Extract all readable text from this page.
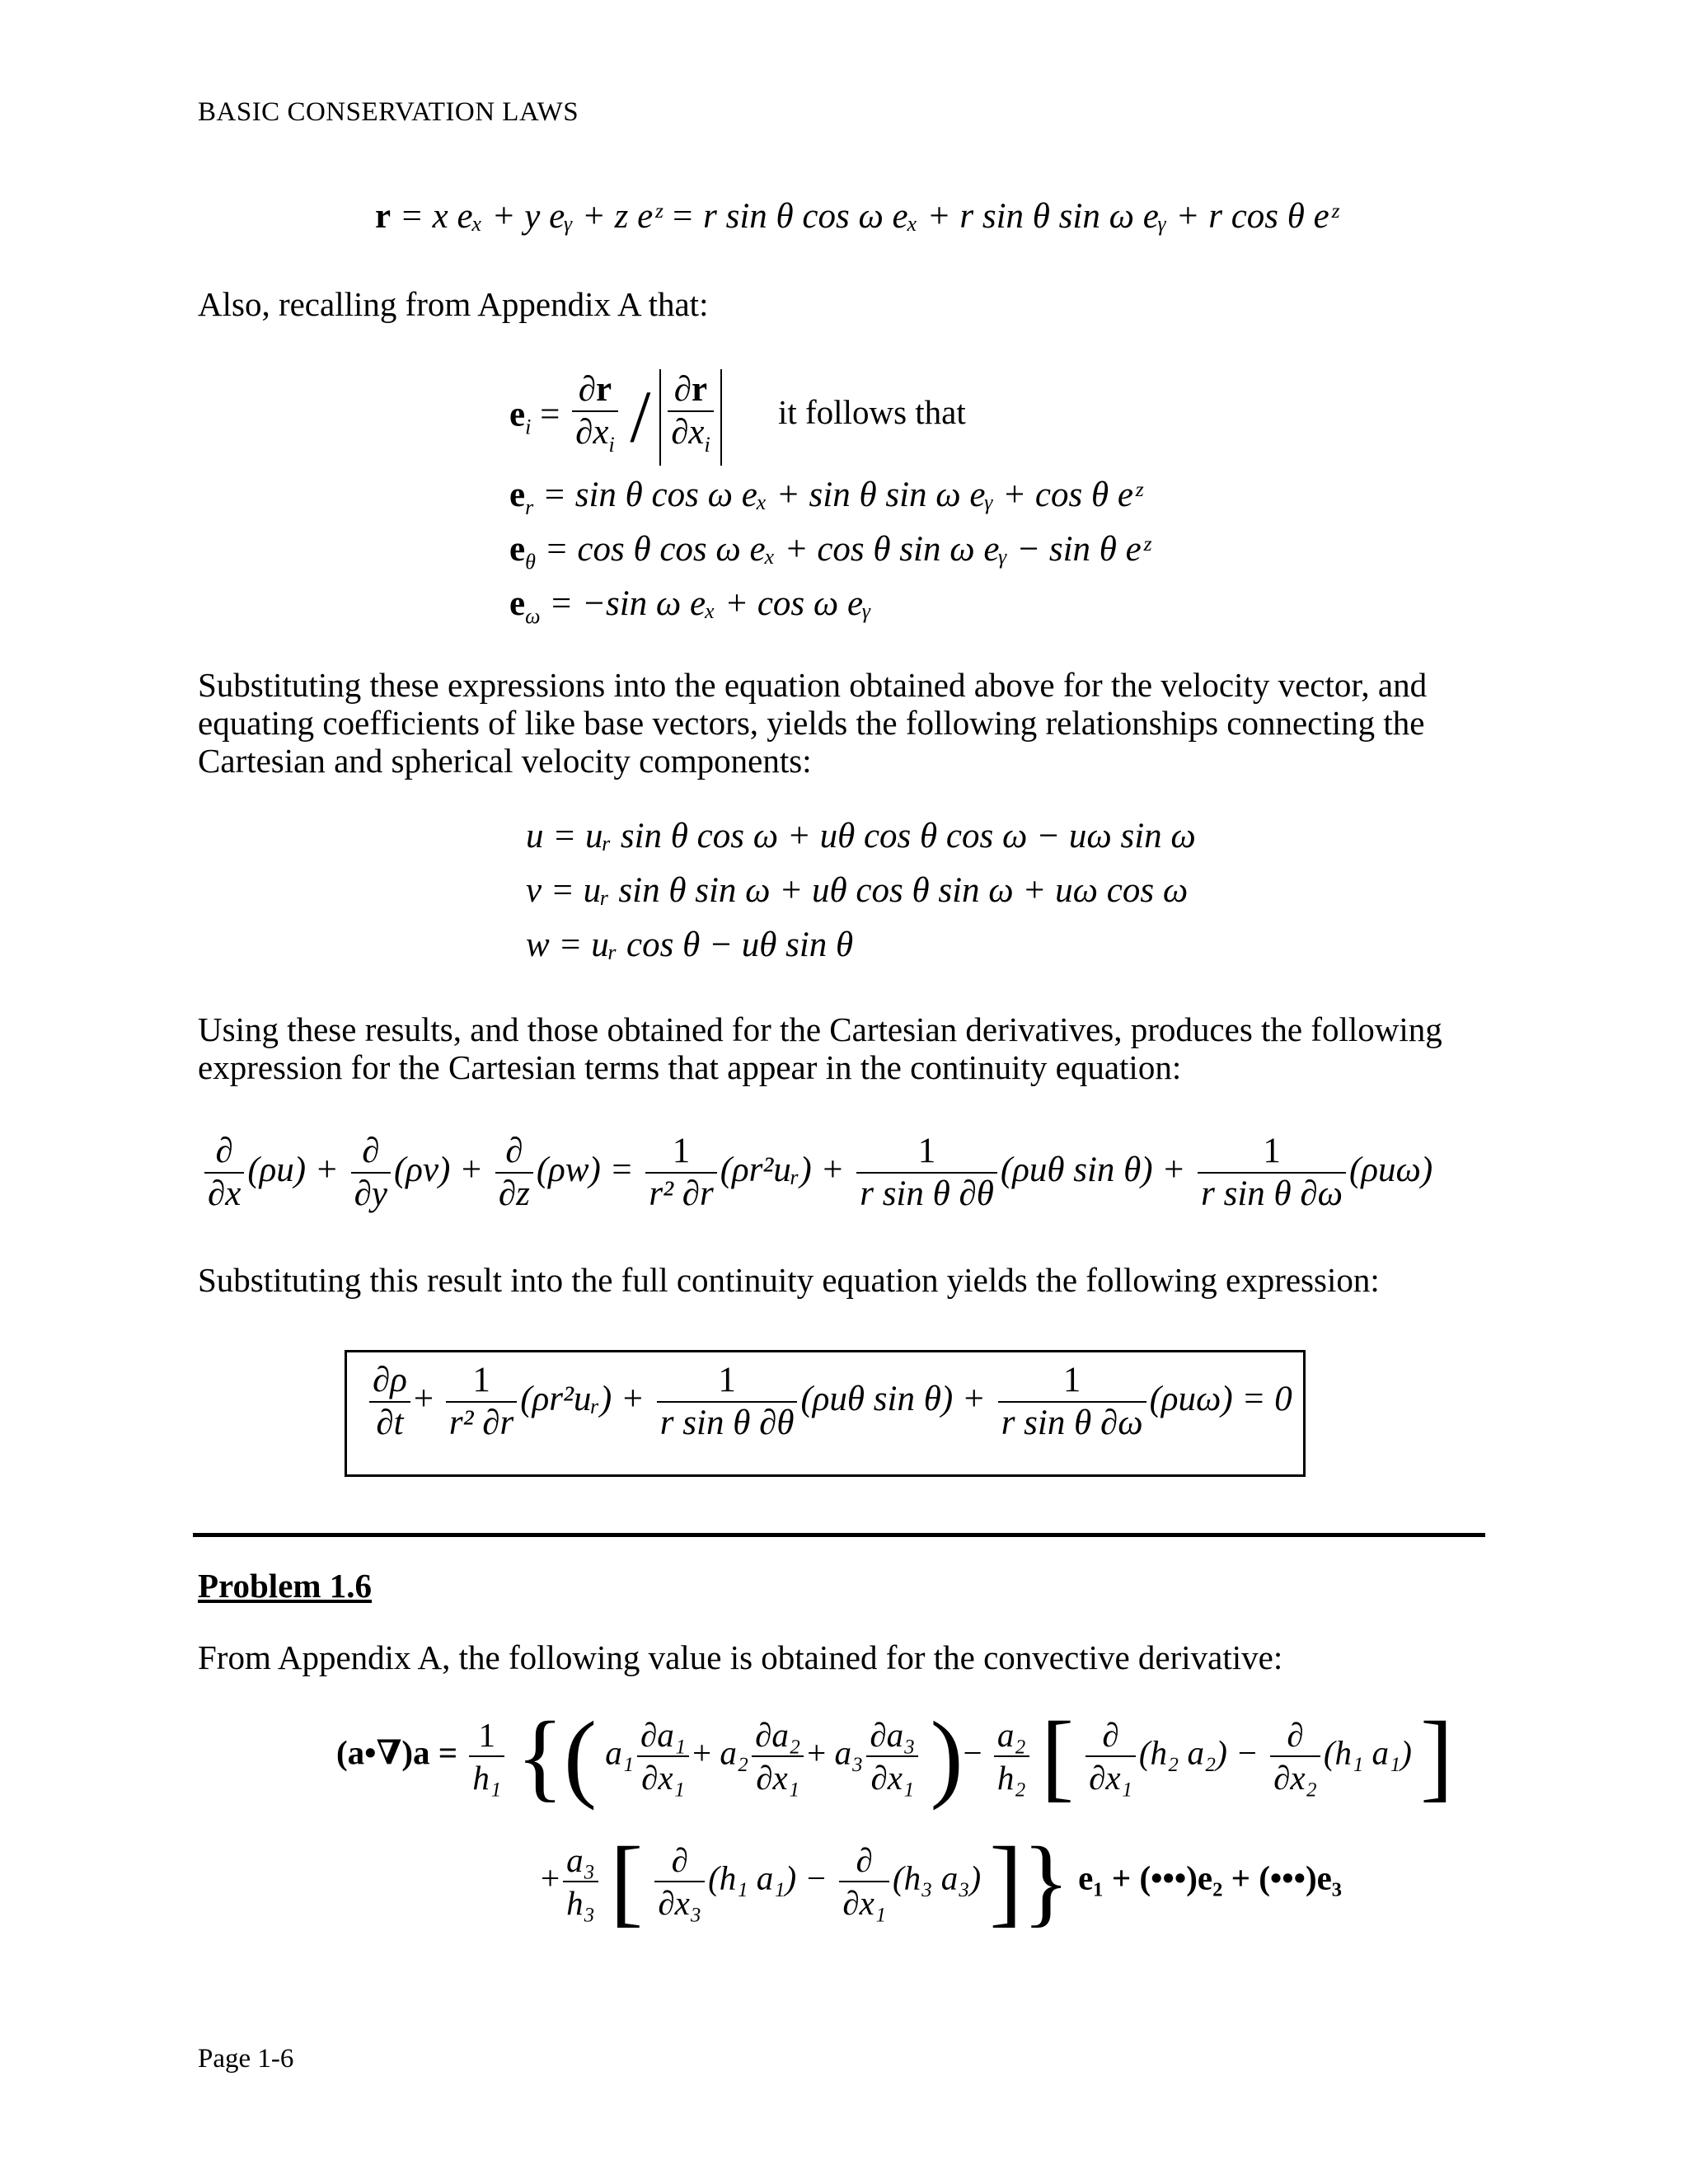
BASIC CONSERVATION LAWS
r = x eₓ + y eᵧ + z eᶻ = r sin θ cos ω eₓ + r sin θ sin ω eᵧ + r cos θ eᶻ
Also, recalling from Appendix A that:
$e_i = \frac{\partial r}{\partial x_i} / \frac{\partial r}{\partial x_i}$ it follows that
$e_r = \sin \theta$ cos ω eₓ + sin θ sin ω eᵧ + cos θ eᶻ
$e_\theta = \cos \theta$ cos ω eₓ + cos θ sin ω eᵧ − sin θ eᶻ
$e_\omega = -\sin$ ω eₓ + cos ω eᵧ
Substituting these expressions into the equation obtained above for the velocity vector, and equating coefficients of like base vectors, yields the following relationships connecting the Cartesian and spherical velocity components:
u = uᵣ sin θ cos ω + uθ cos θ cos ω − uω sin ω
v = uᵣ sin θ sin ω + uθ cos θ sin ω + uω cos ω
w = uᵣ cos θ − uθ sin θ
Using these results, and those obtained for the Cartesian derivatives, produces the following expression for the Cartesian terms that appear in the continuity equation:
$\frac{\partial}{\partial x} (\rho u) + \frac{\partial}{\partial y} (\rho v) + \frac{\partial}{\partial z} (\rho w) = \frac{1}{\text{r² ∂r}}$ (ρr²uᵣ) + $\frac{1}{\text{r sin θ ∂θ}} (\rho u\theta$ $\sin \theta) + \frac{1}{\text{r sin θ ∂ω}} (\rho u\omega)$
Substituting this result into the full continuity equation yields the following expression:
$\frac{\partial\rho}{\partial t} + \frac{1}{\text{r² ∂r}}$ (ρr²uᵣ) + $\frac{1}{\text{r sin θ ∂θ}} (\rho u\theta$ $\sin \theta) + \frac{1}{\text{r sin θ ∂ω}} (\rho u\omega) = 0$
Problem 1.6
From Appendix A, the following value is obtained for the convective derivative:
(a•∇)a = $\frac{1}{\text{h₁}}$ {( $a_1 \frac{\text{∂a₁}}{\text{∂x₁}} + a_2 \frac{\text{∂a₂}}{\text{∂x₁}} + a_3 \frac{\text{∂a₃}}{\text{∂x₁}}$ )− $\frac{\text{a₂}}{\text{h₂}}$ [ $\frac{\partial}{\text{∂x₁}} (h_2$ $a_2) - \frac{\partial}{\text{∂x₂}} (h_1$ a₁) ]
+ $\frac{\text{a₃}}{\text{h₃}}$ [ $\frac{\partial}{\text{∂x₃}} (h_1$ $a_1) - \frac{\partial}{\text{∂x₁}} (h_3$ a₃) ]} e₁ + (•••)e₂ + (•••)e₃
Page 1-6
